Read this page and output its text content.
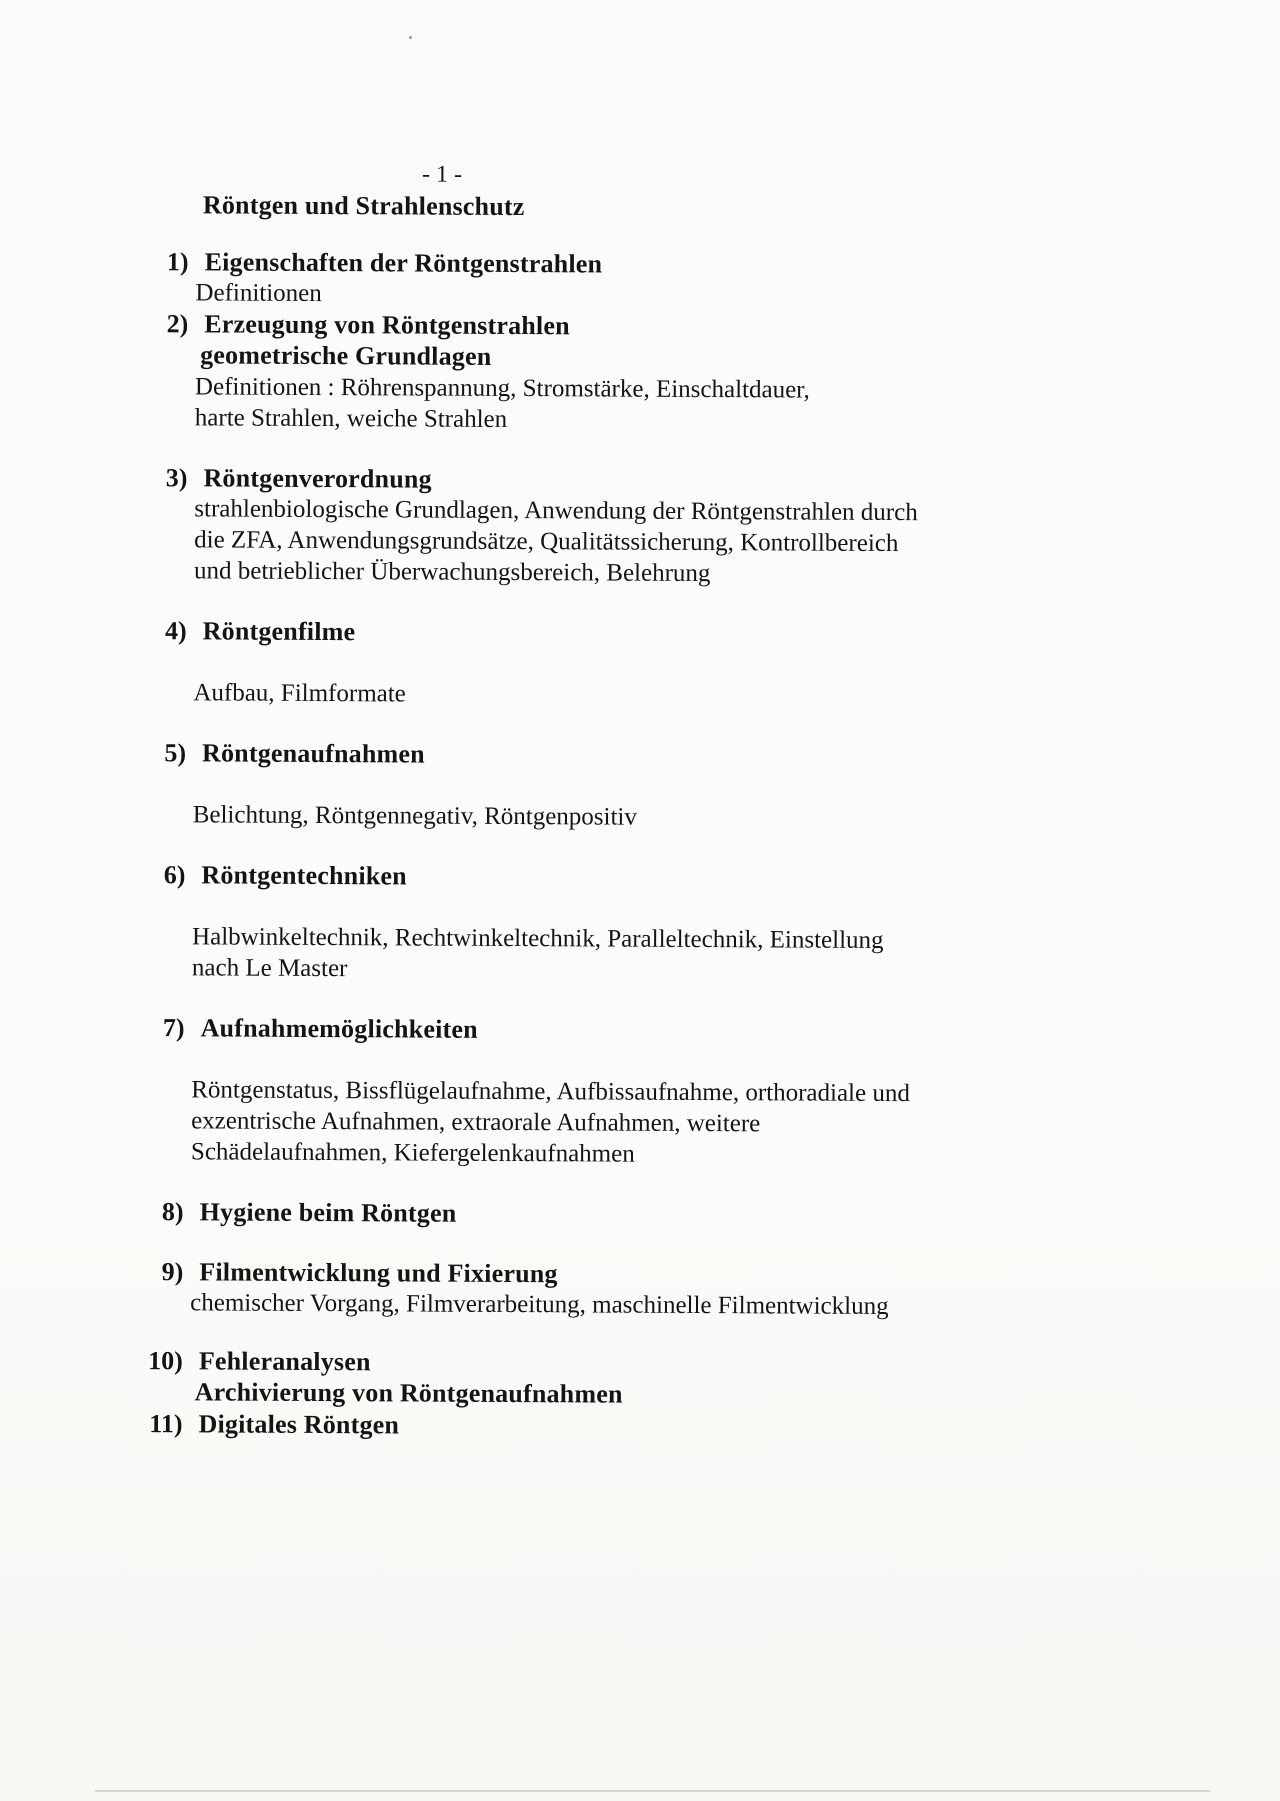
- 1 -
Röntgen und Strahlenschutz
1) Eigenschaften der Röntgenstrahlen
Definitionen
2) Erzeugung von Röntgenstrahlen
geometrische Grundlagen
Definitionen : Röhrenspannung, Stromstärke, Einschaltdauer,
harte Strahlen, weiche Strahlen
3) Röntgenverordnung
strahlenbiologische Grundlagen, Anwendung der Röntgenstrahlen durch
die ZFA, Anwendungsgrundsätze, Qualitätssicherung, Kontrollbereich
und betrieblicher Überwachungsbereich, Belehrung
4) Röntgenfilme
Aufbau, Filmformate
5) Röntgenaufnahmen
Belichtung, Röntgennegativ, Röntgenpositiv
6) Röntgentechniken
Halbwinkeltechnik, Rechtwinkeltechnik, Paralleltechnik, Einstellung
nach Le Master
7) Aufnahmemöglichkeiten
Röntgenstatus, Bissflügelaufnahme, Aufbissaufnahme, orthoradiale und
exzentrische Aufnahmen, extraorale Aufnahmen, weitere
Schädelaufnahmen, Kiefergelenkaufnahmen
8) Hygiene beim Röntgen
9) Filmentwicklung und Fixierung
chemischer Vorgang, Filmverarbeitung, maschinelle Filmentwicklung
10) Fehleranalysen
Archivierung von Röntgenaufnahmen
11) Digitales Röntgen
